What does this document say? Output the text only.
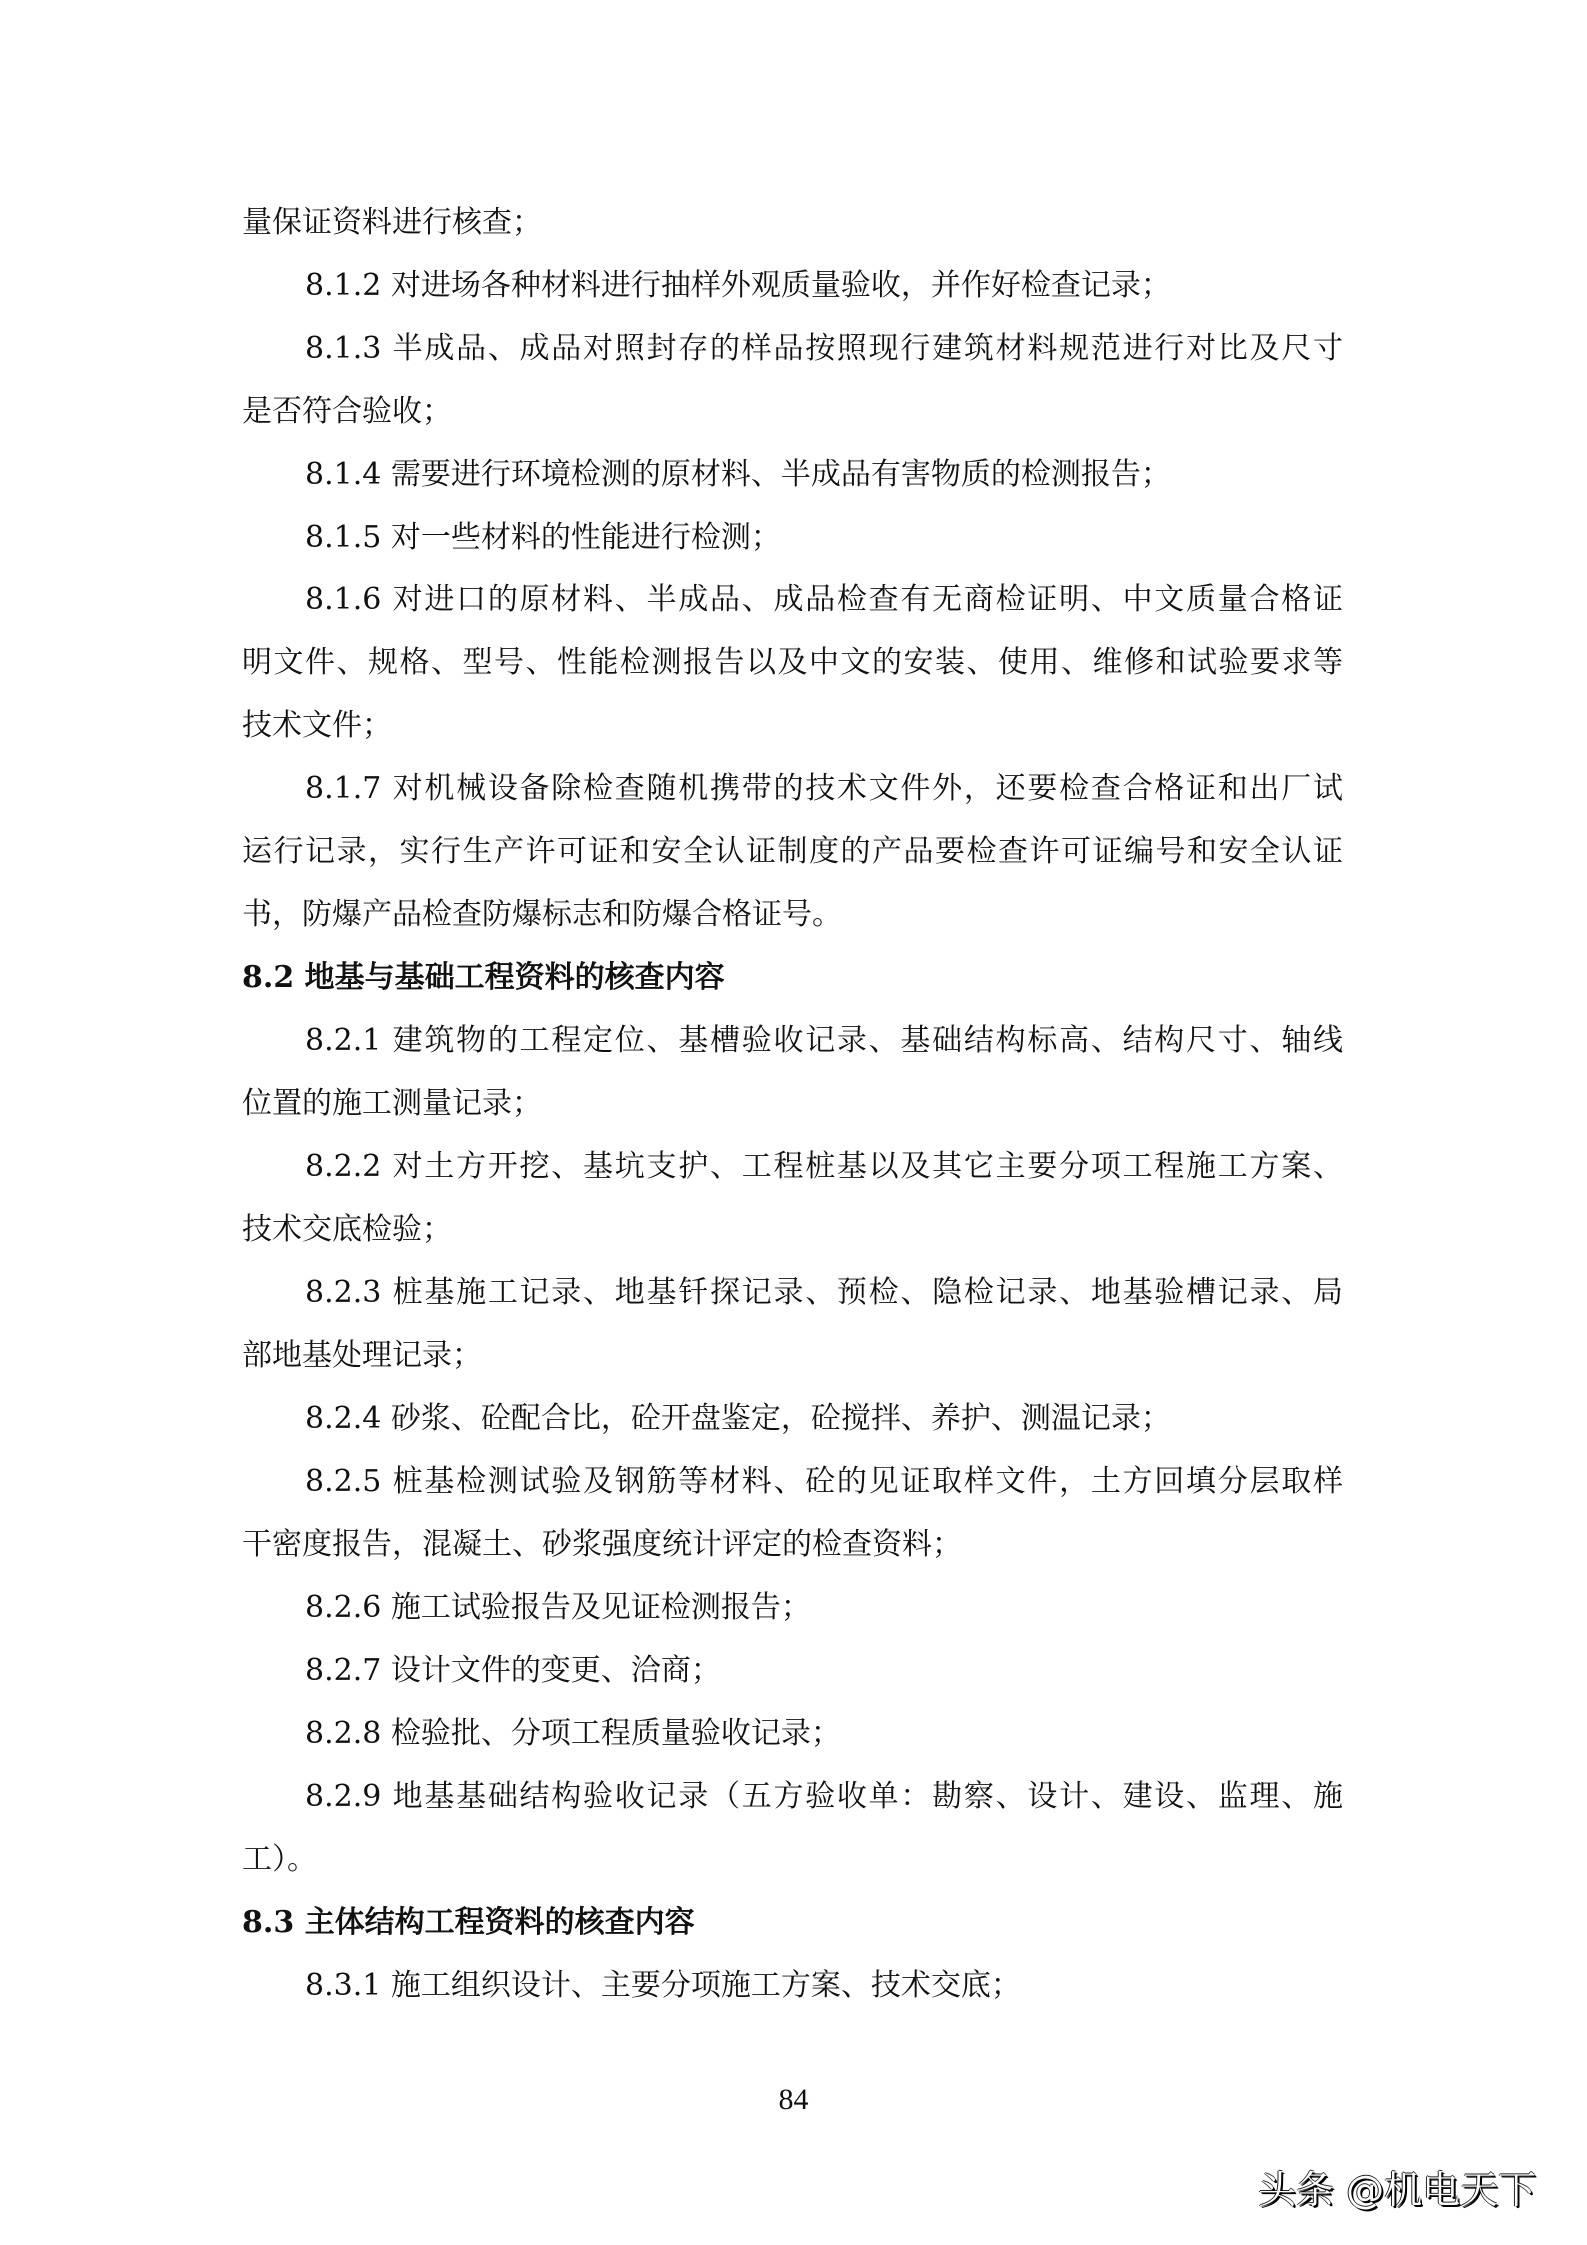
量保证资料进行核查；
8.1.2 对进场各种材料进行抽样外观质量验收，并作好检查记录；
8.1.3 半成品、成品对照封存的样品按照现行建筑材料规范进行对比及尺寸
是否符合验收；
8.1.4 需要进行环境检测的原材料、半成品有害物质的检测报告；
8.1.5 对一些材料的性能进行检测；
8.1.6 对进口的原材料、半成品、成品检查有无商检证明、中文质量合格证
明文件、规格、型号、性能检测报告以及中文的安装、使用、维修和试验要求等
技术文件；
8.1.7 对机械设备除检查随机携带的技术文件外，还要检查合格证和出厂试
运行记录，实行生产许可证和安全认证制度的产品要检查许可证编号和安全认证
书，防爆产品检查防爆标志和防爆合格证号。
8.2 地基与基础工程资料的核查内容
8.2.1 建筑物的工程定位、基槽验收记录、基础结构标高、结构尺寸、轴线
位置的施工测量记录；
8.2.2 对土方开挖、基坑支护、工程桩基以及其它主要分项工程施工方案、
技术交底检验；
8.2.3 桩基施工记录、地基钎探记录、预检、隐检记录、地基验槽记录、局
部地基处理记录；
8.2.4 砂浆、砼配合比，砼开盘鉴定，砼搅拌、养护、测温记录；
8.2.5 桩基检测试验及钢筋等材料、砼的见证取样文件，土方回填分层取样
干密度报告，混凝土、砂浆强度统计评定的检查资料；
8.2.6 施工试验报告及见证检测报告；
8.2.7 设计文件的变更、洽商；
8.2.8 检验批、分项工程质量验收记录；
8.2.9 地基基础结构验收记录（五方验收单：勘察、设计、建设、监理、施
工）。
8.3 主体结构工程资料的核查内容
8.3.1 施工组织设计、主要分项施工方案、技术交底；
84
头条 @机电天下
